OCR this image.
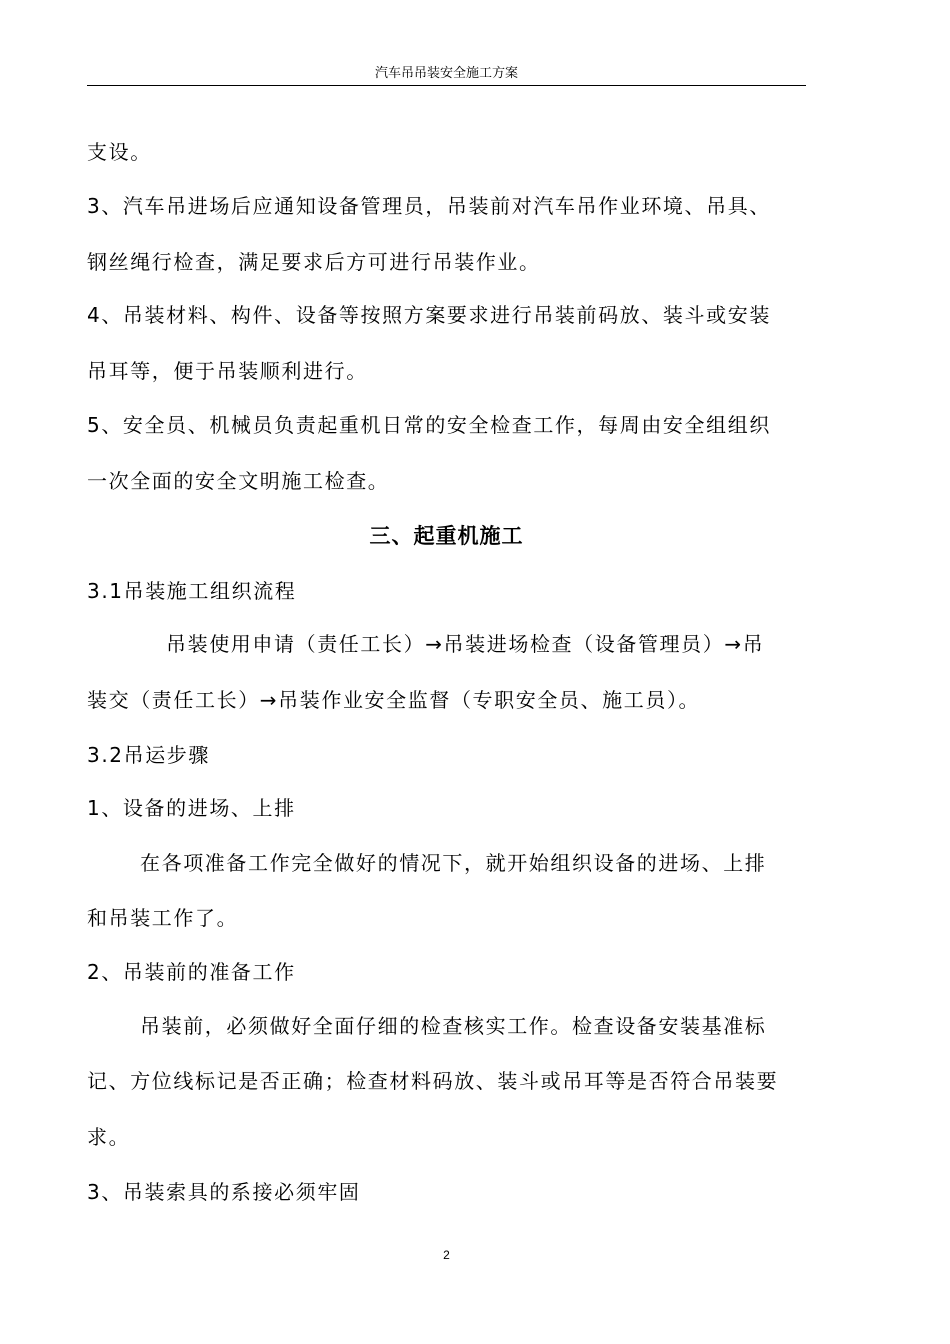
汽车吊吊装安全施工方案
支设。
3、汽车吊进场后应通知设备管理员，吊装前对汽车吊作业环境、吊具、
钢丝绳行检查，满足要求后方可进行吊装作业。
4、吊装材料、构件、设备等按照方案要求进行吊装前码放、装斗或安装
吊耳等，便于吊装顺利进行。
5、安全员、机械员负责起重机日常的安全检查工作，每周由安全组组织
一次全面的安全文明施工检查。
三、起重机施工
3.1吊装施工组织流程
吊装使用申请（责任工长）→吊装进场检查（设备管理员）→吊
装交（责任工长）→吊装作业安全监督（专职安全员、施工员）。
3.2吊运步骤
1、设备的进场、上排
在各项准备工作完全做好的情况下，就开始组织设备的进场、上排
和吊装工作了。
2、吊装前的准备工作
吊装前，必须做好全面仔细的检查核实工作。检查设备安装基准标
记、方位线标记是否正确；检查材料码放、装斗或吊耳等是否符合吊装要
求。
3、吊装索具的系接必须牢固
2
